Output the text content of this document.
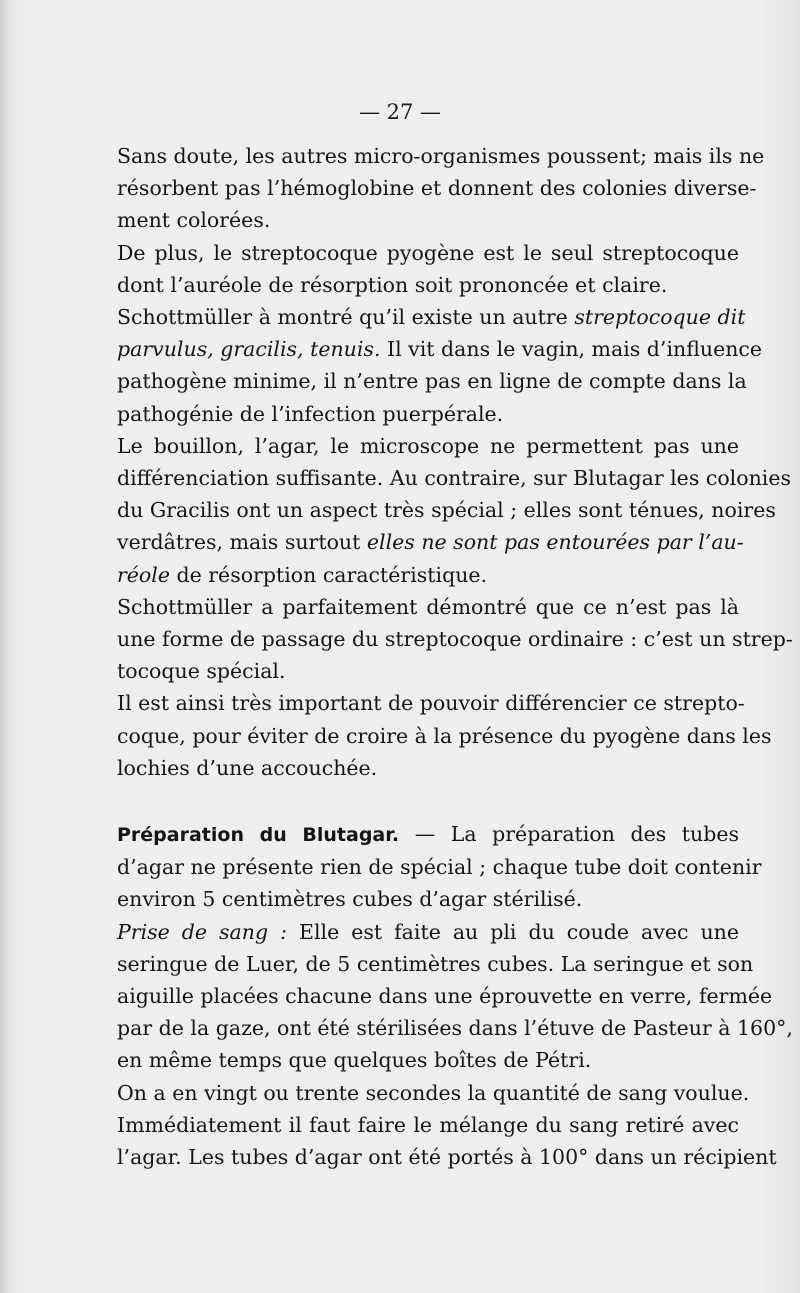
— 27 —

Sans doute, les autres micro-organismes poussent; mais ils ne
résorbent pas l’hémoglobine et donnent des colonies diverse-
ment colorées.

De plus, le streptocoque pyogène est le seul streptocoque
dont l’auréole de résorption soit prononcée et claire.

Schottmüller à montré qu’il existe un autre streptocoque dit
parvulus, gracilis, tenuis. Il vit dans le vagin, mais d’influence
pathogène minime, il n’entre pas en ligne de compte dans la
pathogénie de l’infection puerpérale.

Le bouillon, l’agar, le microscope ne permettent pas une
différenciation suffisante. Au contraire, sur Blutagar les colonies
du Gracilis ont un aspect très spécial ; elles sont ténues, noires
verdâtres, mais surtout elles ne sont pas entourées par l’au-
réole de résorption caractéristique.

Schottmüller a parfaitement démontré que ce n’est pas là
une forme de passage du streptocoque ordinaire : c’est un strep-
tocoque spécial.

Il est ainsi très important de pouvoir différencier ce strepto-
coque, pour éviter de croire à la présence du pyogène dans les
lochies d’une accouchée.

Préparation du Blutagar. — La préparation des tubes
d’agar ne présente rien de spécial ; chaque tube doit contenir
environ 5 centimètres cubes d’agar stérilisé.

Prise de sang : Elle est faite au pli du coude avec une
seringue de Luer, de 5 centimètres cubes. La seringue et son
aiguille placées chacune dans une éprouvette en verre, fermée
par de la gaze, ont été stérilisées dans l’étuve de Pasteur à 160°,
en même temps que quelques boîtes de Pétri.

On a en vingt ou trente secondes la quantité de sang voulue.

Immédiatement il faut faire le mélange du sang retiré avec
l’agar. Les tubes d’agar ont été portés à 100° dans un récipient
